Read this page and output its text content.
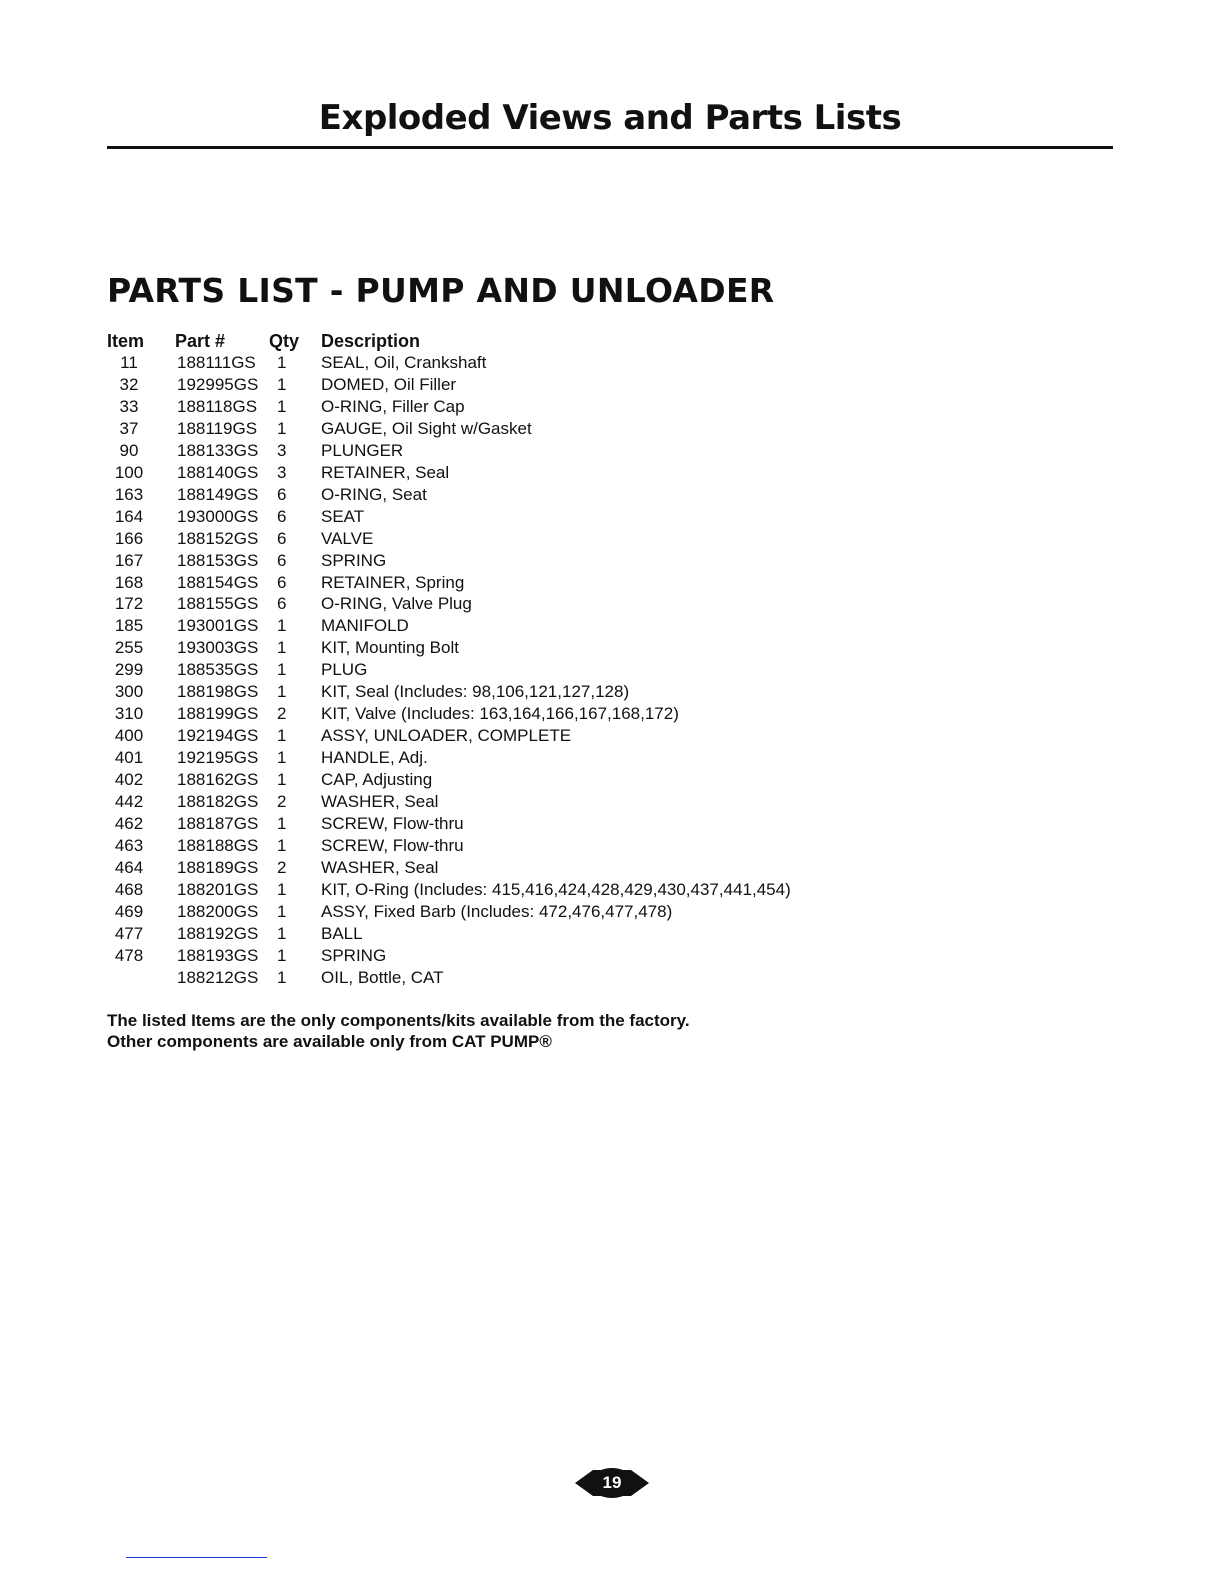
Exploded Views and Parts Lists
PARTS LIST - PUMP AND UNLOADER
Item	Part #	Qty	Description
11	188111GS	1	SEAL, Oil, Crankshaft
32	192995GS	1	DOMED, Oil Filler
33	188118GS	1	O-RING, Filler Cap
37	188119GS	1	GAUGE, Oil Sight w/Gasket
90	188133GS	3	PLUNGER
100	188140GS	3	RETAINER, Seal
163	188149GS	6	O-RING, Seat
164	193000GS	6	SEAT
166	188152GS	6	VALVE
167	188153GS	6	SPRING
168	188154GS	6	RETAINER, Spring
172	188155GS	6	O-RING, Valve Plug
185	193001GS	1	MANIFOLD
255	193003GS	1	KIT, Mounting Bolt
299	188535GS	1	PLUG
300	188198GS	1	KIT, Seal (Includes: 98,106,121,127,128)
310	188199GS	2	KIT, Valve (Includes: 163,164,166,167,168,172)
400	192194GS	1	ASSY, UNLOADER, COMPLETE
401	192195GS	1	HANDLE, Adj.
402	188162GS	1	CAP, Adjusting
442	188182GS	2	WASHER, Seal
462	188187GS	1	SCREW, Flow-thru
463	188188GS	1	SCREW, Flow-thru
464	188189GS	2	WASHER, Seal
468	188201GS	1	KIT, O-Ring (Includes: 415,416,424,428,429,430,437,441,454)
469	188200GS	1	ASSY, Fixed Barb (Includes: 472,476,477,478)
477	188192GS	1	BALL
478	188193GS	1	SPRING
	188212GS	1	OIL, Bottle, CAT

The listed Items are the only components/kits available from the factory.

Other components are available only from CAT PUMP®

19
